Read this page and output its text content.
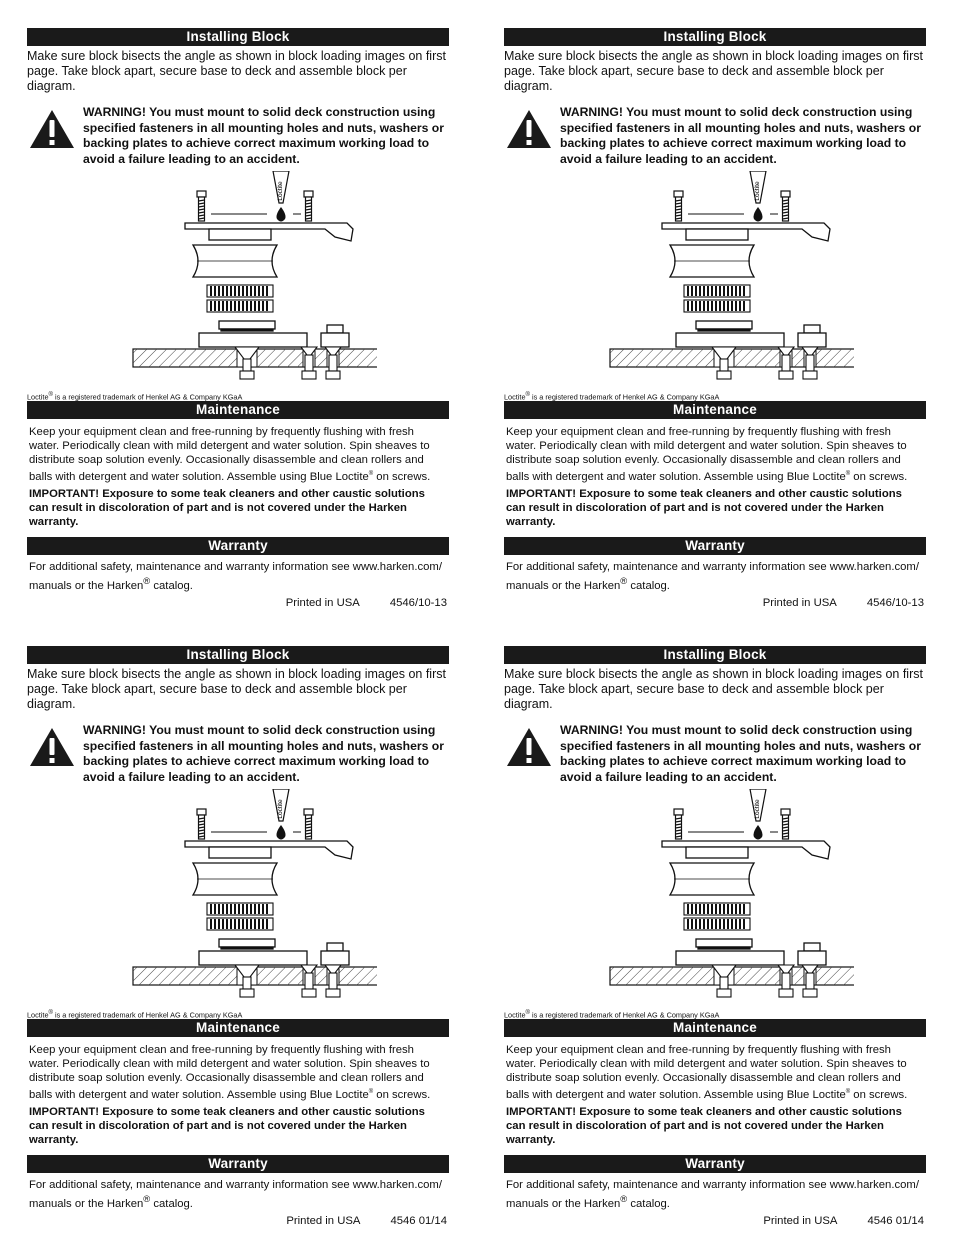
Installing Block
Make sure block bisects the angle as shown in block loading images on first page. Take block apart, secure base to deck and assemble block per diagram.
WARNING! You must mount to solid deck construction using specified fasteners in all mounting holes and nuts, washers or backing plates to achieve correct maximum working load to avoid a failure leading to an accident.
Loctite
Loctite® is a registered trademark of Henkel AG & Company KGaA
Maintenance
Keep your equipment clean and free-running by frequently flushing with fresh water. Periodically clean with mild detergent and water solution. Spin sheaves to distribute soap solution evenly. Occasionally disassemble and clean rollers and balls with detergent and water solution. Assemble using Blue Loctite® on screws.
IMPORTANT! Exposure to some teak cleaners and other caustic solutions can result in discoloration of part and is not covered under the Harken warranty.
Warranty
For additional safety, maintenance and warranty information see www.harken.com/ manuals or the Harken® catalog.
Printed in USA	4546/10-13
Installing Block
Make sure block bisects the angle as shown in block loading images on first page. Take block apart, secure base to deck and assemble block per diagram.
WARNING! You must mount to solid deck construction using specified fasteners in all mounting holes and nuts, washers or backing plates to achieve correct maximum working load to avoid a failure leading to an accident.
Loctite
Loctite® is a registered trademark of Henkel AG & Company KGaA
Maintenance
Keep your equipment clean and free-running by frequently flushing with fresh water. Periodically clean with mild detergent and water solution. Spin sheaves to distribute soap solution evenly. Occasionally disassemble and clean rollers and balls with detergent and water solution. Assemble using Blue Loctite® on screws.
IMPORTANT! Exposure to some teak cleaners and other caustic solutions can result in discoloration of part and is not covered under the Harken warranty.
Warranty
For additional safety, maintenance and warranty information see www.harken.com/ manuals or the Harken® catalog.
Printed in USA	4546/10-13
Installing Block
Make sure block bisects the angle as shown in block loading images on first page. Take block apart, secure base to deck and assemble block per diagram.
WARNING! You must mount to solid deck construction using specified fasteners in all mounting holes and nuts, washers or backing plates to achieve correct maximum working load to avoid a failure leading to an accident.
Loctite
Loctite® is a registered trademark of Henkel AG & Company KGaA
Maintenance
Keep your equipment clean and free-running by frequently flushing with fresh water. Periodically clean with mild detergent and water solution. Spin sheaves to distribute soap solution evenly. Occasionally disassemble and clean rollers and balls with detergent and water solution. Assemble using Blue Loctite® on screws.
IMPORTANT! Exposure to some teak cleaners and other caustic solutions can result in discoloration of part and is not covered under the Harken warranty.
Warranty
For additional safety, maintenance and warranty information see www.harken.com/ manuals or the Harken® catalog.
Printed in USA	4546 01/14
Installing Block
Make sure block bisects the angle as shown in block loading images on first page. Take block apart, secure base to deck and assemble block per diagram.
WARNING! You must mount to solid deck construction using specified fasteners in all mounting holes and nuts, washers or backing plates to achieve correct maximum working load to avoid a failure leading to an accident.
Loctite
Loctite® is a registered trademark of Henkel AG & Company KGaA
Maintenance
Keep your equipment clean and free-running by frequently flushing with fresh water. Periodically clean with mild detergent and water solution. Spin sheaves to distribute soap solution evenly. Occasionally disassemble and clean rollers and balls with detergent and water solution. Assemble using Blue Loctite® on screws.
IMPORTANT! Exposure to some teak cleaners and other caustic solutions can result in discoloration of part and is not covered under the Harken warranty.
Warranty
For additional safety, maintenance and warranty information see www.harken.com/ manuals or the Harken® catalog.
Printed in USA	4546 01/14
